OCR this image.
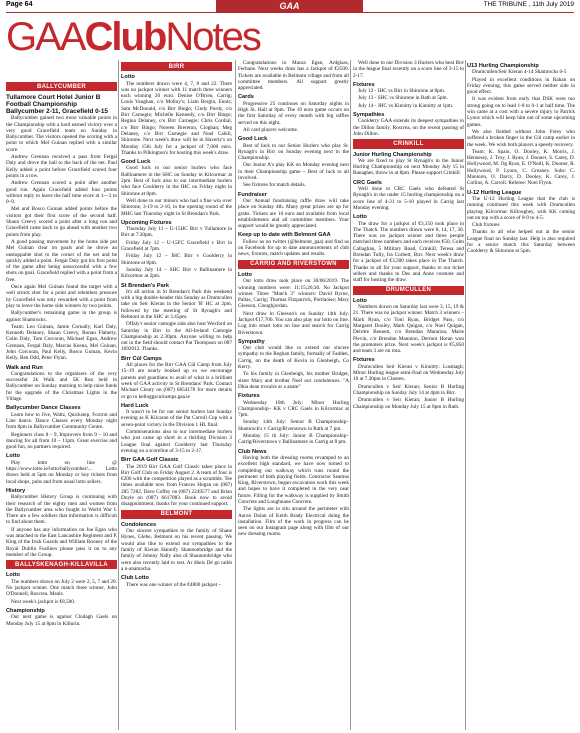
Page 64	GAA	THE TRIBUNE , 11th July 2019
GAAClubNotes
BALLYCUMBER
Tullamore Court Hotel Junior B Football Championship Ballycumber 2-11, Gracefield 0-15

Ballycumber gained two more valuable points in the Championship with a hard earned victory over a very good Gracefield team on Sunday in Ballycumber. The visitors opened the scoring with a point to which Mel Guinan replied with a similar score.

Andrew Grennan received a pass from Fergal Daly and drove the ball to the back of the net. Paul Kelly added a point before Gracefield scored four points in a row.

Andrew Grennan scored a point after another good run. Again Gracefield added four points without reply to leave the half time score at 1—3 to 0–9.

Mel and Bosco Guinan added points before the visitors got their first score of the second half. Shaun Creevy scored a point after a long run and Gracefield came back to go ahead with another two points from play.

A good passing movement by the home side put Mel Guinan clear on goals and he drove an unstoppable shot to the corner of the net and he quickly added a point. Fergal Daly got his first point of the game after being unsuccessful with a few shots on goal. Gracefield replied with a point from a free.

Once again Mel Guinan found the target with a well struck shot for a point and relentless pressure by Gracefield was only rewarded with a point from play to leave the home side winners by two points.

Ballycumber's remaining game in the group is against Shamrocks.

Team: Leo Guinan, Jamie Cornally, Karl Daly, Kenneth Delaney, Shaun Creevy, Ronan Flaherty, Colin Daly, Tom Corcoran, Michael Egan, Andrew Grennan, Fergal Daly, Marcus Keena, Mel Guinan, John Corcoran, Paul Kelly, Bosco Guinan, Kevin Kelly, Ben Odd, Peter Flynn.

Walk and Run

Congratulations to the organisers of the very successful 2k Walk and 5K Run held in Ballycumber on Sunday morning to help raise funds for the upgrade of the Christmas Lights in the Village.

Ballycumber Dance Classes

Learn how to Jive, Waltz, Quickstep, Foxtrot and Line dance. Dance Classes every Monday night from 8pm in Ballycumber Community Centre.

Beginners class 8 – 9, Improvers from 9 – 10 and dancing for all from 10 – 11pm. Great exercise and good fun, no partners required.

Lotto

Play lotto on line @ https://www.lotto.ie/lotto/ballycumber/... Lotto draws held at 5pm on Monday or buy tickets from local shops, pubs and from usual lotto sellers.

History

Ballycumber History Group is continuing with their research of the eighty men and women from the Ballycumber area who fought in World War I. There are a few soldiers that information is difficult to find about them.

If anyone has any information on Joe Egan who was attached to the East Lancashire Regiment and P. King of the Irish Guards and William Rooney of the Royal Dublin Fusiliers please pass it on to any member of the Group.

BALLYSKENAGH-KILLAVILLA
Lotto

The numbers drawn on July 2 were 2, 5, 7 and 20. No jackpot winner. One match three winner, John O'Donnell, Roscrea. Meals.

Next week's jackpot is €8,500.

Championship

Our next game is against Clodagh Gaels on Monday July 15 at 8pm in Killurin.

BIRR
Lotto

The numbers drawn were 4, 7, 8 and 22. There was no jackpot winner with 11 match three winners each winning 20 euro. Denise O'Brien, Carrig; Louis Vaughan, c/o Molloy's; Liam Bergin, Ennis; Sam McDonald, c/o Birr Bingo; Cindy Purdy, c/o Birr Carnegie; Michelle Kennedy, c/o Birr Bingo; Regina Delaney, c/o Birr Carnegie; Chris Cordial, c/o Birr Bingo; Noreen Brereton, Clogban; Meg Delaney, c/o Birr Carnegie and Noel Cahill, Shinrone. Next week's draw will be in Haverty's on Monday 15th July for a jackpot of 7,000 euro. Thanks to Pilkington's for hosting this week's draw.

Good Luck

Good luck to our senior hurlers who face Ballinamere in the SHC on Sunday in Kilcormac at 2pm. Best of luck also to our intermediate hurlers who face Coolderry in the IHC on Friday night in Shinrone at 8pm.

Well done to our minors who had a fine win over Shinrone, 3-19 to 2-16, in the opening round of the MHC last Thursday night in St Brendan's Park.

Upcoming Fixtures

Thursday July 11 – U-15HC Birr v Tullamore in Birr at 7.30pm.

Friday July 12 – U-15FC Gracefield v Birr in Gracefield at 7pm.

Friday July 12 – IHC Birr v Coolderry in Shinrone at 8pm.

Sunday July 14 – SHC Birr v Ballinamere in Kilcormac at 2pm.

St Brendan's Park

It's all action in St Brendan's Park this weekend with a big double-header this Sunday as Drumcullen take on Seir Kieran in the Senior 'B' HC at 2pm, followed by the meeting of St Rynagh's and Belmont in the SHC at 3.45pm.

Offaly's senior camogie side also host Wexford on Saturday in Birr in the All-Ireland Camogie Championship at 2.30pm. Anyone willing to help out in the field should contact Pat Thompson on 087 1692012. Thanks.

Birr Cúl Camps

All places for the Birr GAA Cúl Camp from July 15–19 are nearly booked up so we encourage parents and guardians to avail of what is a brilliant week of GAA activity in St Brendans' Park. Contact Michael Cleary on (087) 6854178 for more details or go to kelloggsculcamps.gaa.ie

Hard Luck

It wasn't to be for our senior hurlers last Sunday evening as K Kilcaran of the Pat Carroll Cup with a seven-point victory in the Division 1 HL final.

Commiserations also to our intermediate hurlers who just came up short in a thrilling Division 3 League final against Coolderry last Thursday evening on a scoreline of 3-15 to 2-17.

Birr GAA Golf Classic

The 2019 Birr GAA Golf Classic takes place in Birr Golf Club on Friday August 2. A team of four is €200 with the competition played as a scramble. Tee times available now from Frances Hogan on (087) 285 7282, Dave Coffey on (087) 2249577 and Brian Doyle on (087) 6617083. Book now to avoid disappointment, thanks for your continued support.

BELMONT
Condolences

Our sincere sympathies to the family of Shane Hynes, Glebe, Belmont on his recent passing. We would also like to extend our sympathies to the family of Kieran Hannify Shannonbridge and the family of Johnny Nally also of Shannonbridge who were also recently laid to rest. Ar dheis Dé go raibh a n-anamacha.

Club Lotto

There was one winner of the €4800 jackpot –

Congratulations to Maura Egan, Ardglass, Ferbane. Next weeks draw has a Jackpot of €2500. Tickets are available in Belmont village and from all committee members. All support greatly appreciated.

Cards

Progressive 25 continues on Saturday nights in High St. Hall at 9pm. The 10 euro game occurs on the first Saturday of every month with big raffles served on this night.

All card players welcome.

Good Luck

Best of luck to our Senior Hurlers who play St. Rynagh's in Birr on Sunday evening next in the Championship.

Our Junior A's play KK on Monday evening next in their Championship game – Best of luck to all involved.

See fixtures for match details.

Fundraiser

Our Annual fundraising raffle draw will take place on Sunday 4th. Many great prizes are up for grabs. Tickets are 10 euro and available from local establishments and all committee members. Your support would be greatly appreciated.

Keep up to date with Belmont GAA

Follow us on twitter (@belmont_gaa) and find us on Facebook for up to date announcements of club news, fixtures, match updates and results.

CARRIG AND RIVERSTOWN
Lotto

Our lotto draw took place on 30/06/2019. The winning numbers were: 11;15;26;30. No Jackpot winner. Three "Match 3" winners: David Byrne, Pallas, Carrig; Thomas Fitzpatrick, Portlaoise; Mary Gleeson, Cloughjordan.

Next draw in Gleeson's on Sunday 14th July. Jackpot €17,700. You can also play our lotto on line. Log into smart lotto on line and search for Carrig Riverstown.

Sympathy

Our club would like to extend our sincere sympathy to the Reghan family, formally of Fadden, Carrig, on the death of Kevin in Glenbeigh, Co Kerry.

To his family in Glenbeigh, his mother Bridget, sister Mary and brother Noel our condolences. "A Dhia dean trocaire ar a anam"

Fixtures

Wednesday 10th July: Minor Hurling Championship– KK v CRC Gaels in Kilcormac at 7pm.

Sunday 14th July: Senior B Championship– Shamrock's v Carrig/Riverstown in Rath at 7 pm.

Monday 15 th July: Junior B Championship– Carrig/Riverstown v Ballinamere in Carrig at 8 pm.

Club News

Having both the dressing rooms revamped to an excellent high standard, we have now turned to completing our walkway which runs round the perimeter of both playing fields. Contractor Seamus King, Riverstown, began excavation work this week and hopes to have it completed in the very near future. Filling for the walkway is supplied by Smith Concrete and Loughnane Concrete.

The lights are in situ around the perimeter with Aaron Dolan of Keith Brady Electrical doing the installation. Film of the work in progress can be seen on our Instagram page along with film of our new dressing rooms.

Well done to our Division 3 Hurlers who beat Birr in the league final recently on a score line of 3-15 to 2-17.

Fixtures

July 12 - IHC vs Birr in Shinrone at 8pm.

July 13 - SHC vs Shinrone in Rath at 5pm.

July 14 - JHC vs Kinnitty in Kinnitty at 1pm.

Sympathies

Coolderry GAA extends its deepest sympathies to the Dillon family, Roscrea, on the recent passing of John Dillon.

CRINKILL
Junior Hurling Championship

We are fixed to play St Rynagh's in the Junior Hurling Championship on next Monday July 15 in Banagher, throw in at 8pm. Please support Crinkill.

CRC Gaels

Well done to CRC Gaels who defeated St Rynagh's in the under 15 hurling championship on a score line of 4-21 to 5-10 played in Carrig last Monday evening.

Lotto

The draw for a jackpot of €3,150 took place in The Thatch. The numbers drawn were 8, 14, 17, 30. There was no jackpot winner and three people matched three numbers and each receives €50, Colm Callaghan, 5 Military Road, Crinkill, Teresa and Brendan Tully, Ira Corbett, Birr. Next week's draw for a jackpot of €3,300 takes place in The Thatch. Thanks to all for your support, thanks to our ticket sellers and thanks to Des and Anne cosmote and staff for hosting the draw.

DRUMCULLEN
Lotto

Numbers drawn on Saturday last were 3, 15, 19 & 21. There was no jackpot winner. Match 3 winners – Mark Ryan, c/o Toni Ryan, Bridget Pass, c/o Margaret Dooley, Mark Quigan, c/o Noel Quigan, Deirdre Bennett, c/o Brendan Mannion, Marie Plevin, c/o Brendan Mannion, Dermot Horan won the promoters prize. Next week's jackpot is €5,850 and team 3 are on rota.

Fixtures

Drumcullen Seir Kieran v Kinnitty: Lusmagh; Minor Hurling league semi-final on Wednesday July 10 at 7.30pm in Clareen.

Drumcullen v Seir Kieran; Senior B Hurling Championship on Sunday July 14 at 4pm in Birr.

Drumcullen v Seir Kieran; Junior B Hurling Championship on Monday July 15 at 8pm in Rath.

U13 Hurling Championship

Drumcullen/Seir Kieran 4-14 Shamrocks 0-5

Played in excellent conditions in Rahan on Friday evening, this game served neither side in good effect.

It was evident from early that DSK were too strong going on to lead 1-8 to 0-1 at half time. The win came at a cost with a severe injury to Patrick Lyons which will keep him out of some upcoming games.

We also fielded without John Foley who suffered a broken finger in the Cúl camp earlier in the week. We wish both players a speedy recovery.

Team: K. Spain, O. Dooley, K. Morris, J. Hennessy, J. Troy, J. Ryan, J. Dooner, S. Carey, D. Hollywood, M. Og Ryan, E. O'Neill, K. Dooner, R. Hollywood, P. Lyons, C. Greaney. Subs: C. Mannion, O. Darcy, D. Dooley, K. Carey, J. Collins, A. Carroll. Referee: Noel Flynn.

U-12 Hurling League

The U-12 Hurling League that the club is running continued this week with Drumcullen playing Kilcormac Killoughey, with KK coming out on top with a score of 8-9 to 4-5.

Club fixtures

Thanks to all who helped out at the senior League final on Sunday last. Help is also required for a senior match this Saturday between Coolderry & Shinrone at 5pm.
